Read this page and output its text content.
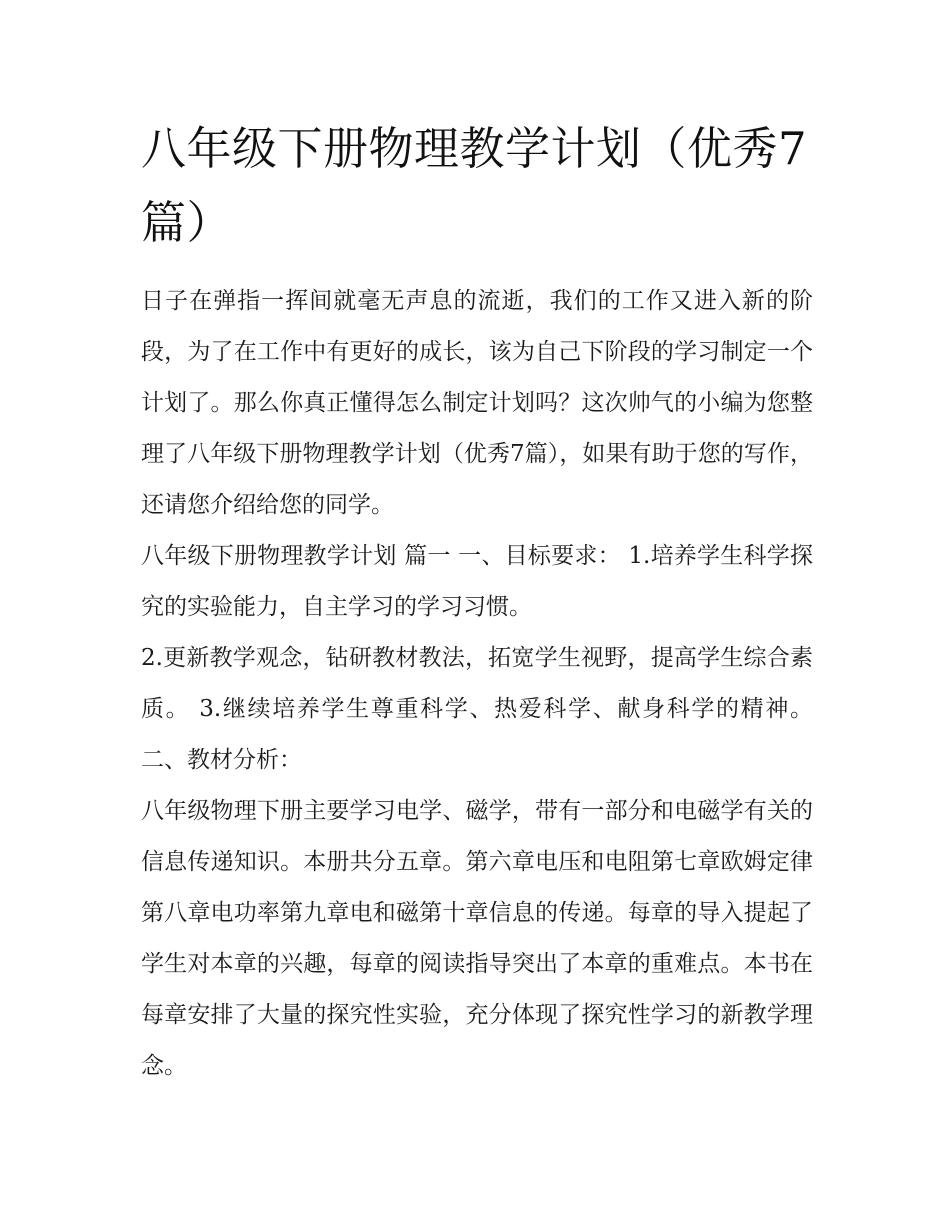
八年级下册物理教学计划（优秀7篇）

日子在弹指一挥间就毫无声息的流逝，我们的工作又进入新的阶段，为了在工作中有更好的成长，该为自己下阶段的学习制定一个计划了。那么你真正懂得怎么制定计划吗？这次帅气的小编为您整理了八年级下册物理教学计划（优秀7篇），如果有助于您的写作，还请您介绍给您的同学。

八年级下册物理教学计划 篇一 一、目标要求： 1.培养学生科学探究的实验能力，自主学习的学习习惯。

2.更新教学观念，钻研教材教法，拓宽学生视野，提高学生综合素质。 3.继续培养学生尊重科学、热爱科学、献身科学的精神。 二、教材分析：

八年级物理下册主要学习电学、磁学，带有一部分和电磁学有关的信息传递知识。本册共分五章。第六章电压和电阻第七章欧姆定律第八章电功率第九章电和磁第十章信息的传递。每章的导入提起了学生对本章的兴趣，每章的阅读指导突出了本章的重难点。本书在每章安排了大量的探究性实验，充分体现了探究性学习的新教学理念。
